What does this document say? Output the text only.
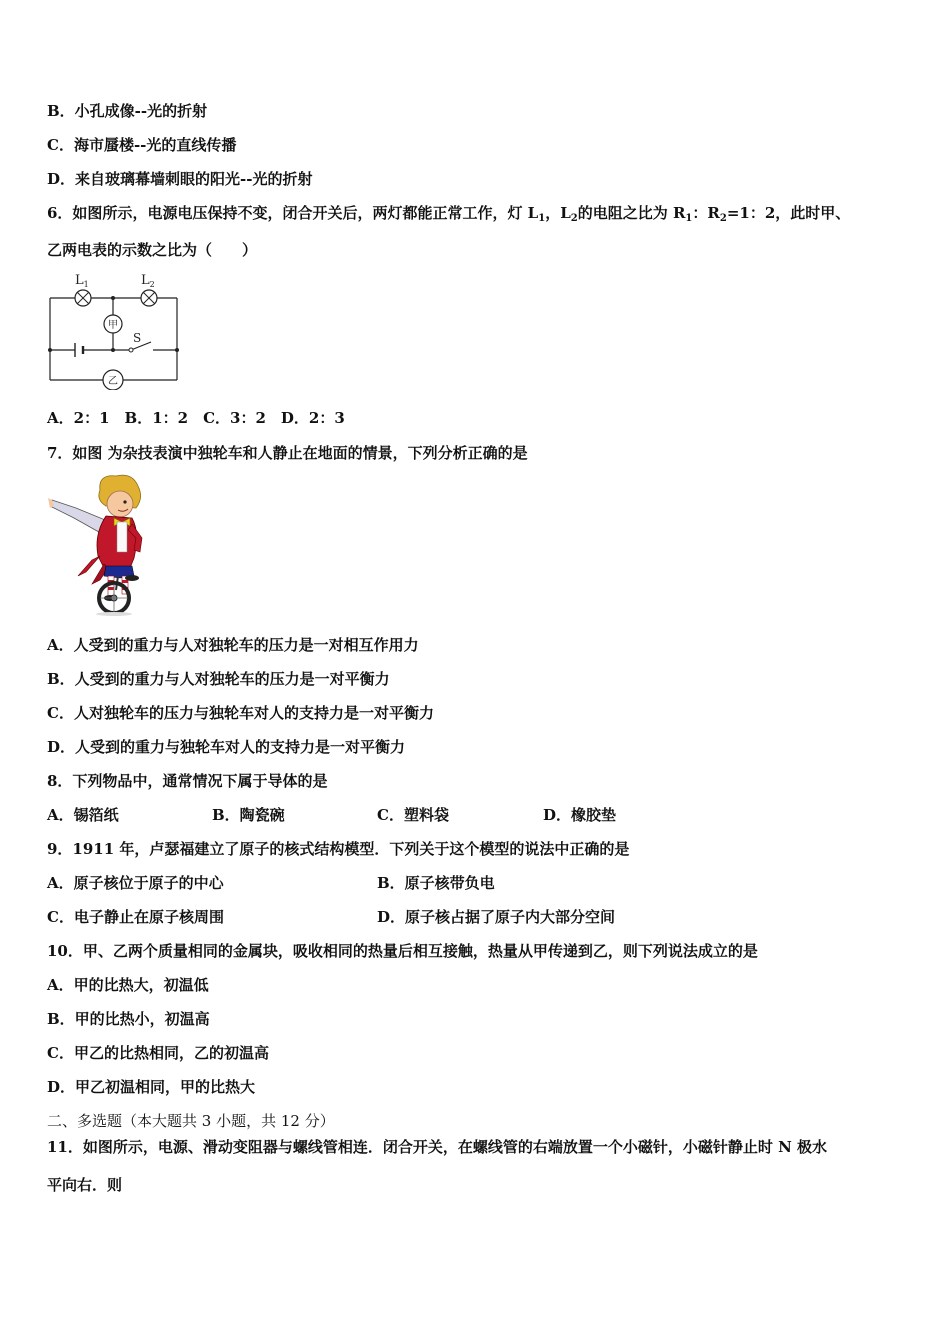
B．小孔成像--光的折射
C．海市蜃楼--光的直线传播
D．来自玻璃幕墙刺眼的阳光--光的折射
6．如图所示，电源电压保持不变，闭合开关后，两灯都能正常工作，灯 $L_1$，$L_2$的电阻之比为 $R_1$：$R_2=1$：2，此时甲、
乙两电表的示数之比为（　　）
甲
乙
$L_1$	$L_2$
S
A．2：1　B．1：2　C．3：2　D．2：3
7．如图 为杂技表演中独轮车和人静止在地面的情景，下列分析正确的是
A．人受到的重力与人对独轮车的压力是一对相互作用力
B．人受到的重力与人对独轮车的压力是一对平衡力
C．人对独轮车的压力与独轮车对人的支持力是一对平衡力
D．人受到的重力与独轮车对人的支持力是一对平衡力
8．下列物品中，通常情况下属于导体的是
A．锡箔纸	B．陶瓷碗	C．塑料袋	D．橡胶垫
9．1911 年，卢瑟福建立了原子的核式结构模型．下列关于这个模型的说法中正确的是
A．原子核位于原子的中心	B．原子核带负电
C．电子静止在原子核周围	D．原子核占据了原子内大部分空间
10．甲、乙两个质量相同的金属块，吸收相同的热量后相互接触，热量从甲传递到乙，则下列说法成立的是
A．甲的比热大，初温低
B．甲的比热小，初温高
C．甲乙的比热相同，乙的初温高
D．甲乙初温相同，甲的比热大
二、多选题（本大题共 3 小题，共 12 分）
11．如图所示，电源、滑动变阻器与螺线管相连．闭合开关，在螺线管的右端放置一个小磁针，小磁针静止时 N 极水
平向右．则
